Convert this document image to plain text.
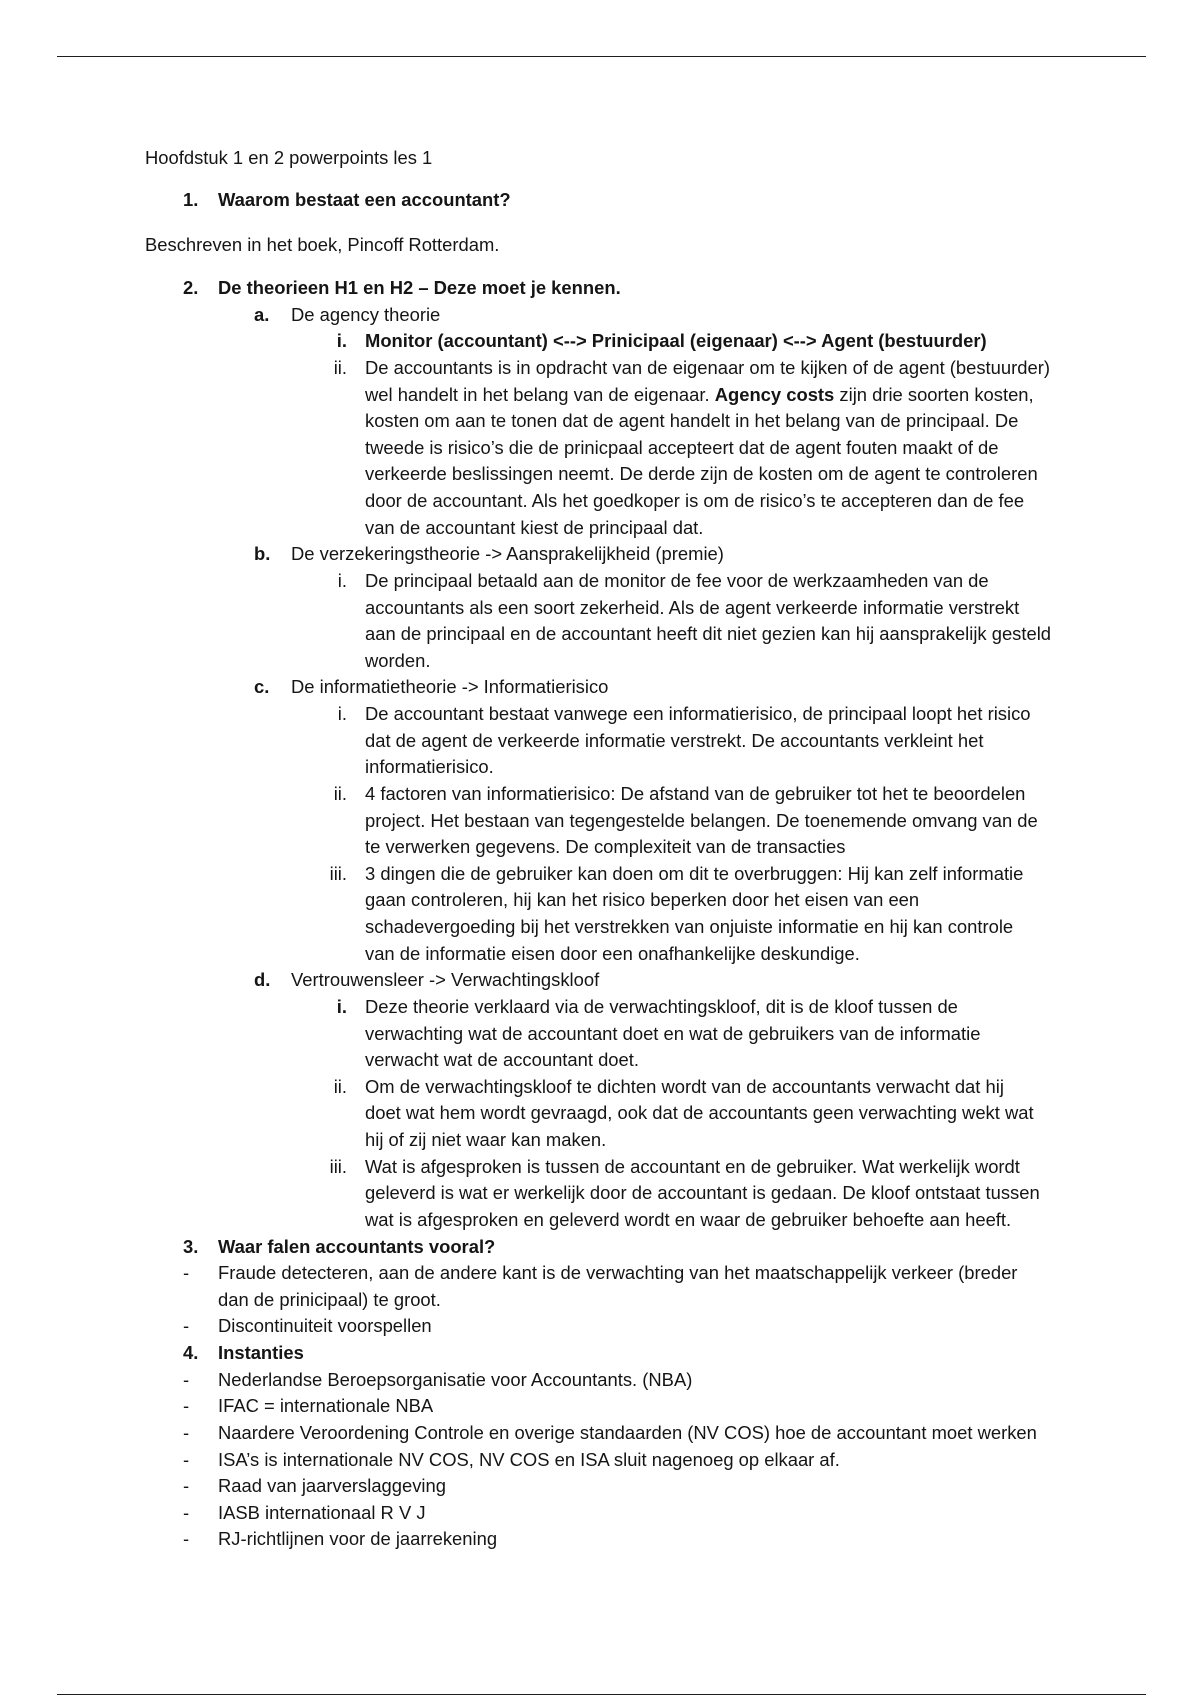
Hoofdstuk 1 en 2 powerpoints les 1
1. Waarom bestaat een accountant?
Beschreven in het boek, Pincoff Rotterdam.
2. De theorieen H1 en H2 – Deze moet je kennen.
a. De agency theorie
i. Monitor (accountant) <--> Prinicipaal (eigenaar) <--> Agent (bestuurder)
ii. De accountants is in opdracht van de eigenaar om te kijken of de agent (bestuurder)
wel handelt in het belang van de eigenaar. Agency costs zijn drie soorten kosten,
kosten om aan te tonen dat de agent handelt in het belang van de principaal. De
tweede is risico’s die de prinicpaal accepteert dat de agent fouten maakt of de
verkeerde beslissingen neemt. De derde zijn de kosten om de agent te controleren
door de accountant. Als het goedkoper is om de risico’s te accepteren dan de fee
van de accountant kiest de principaal dat.
b. De verzekeringstheorie -> Aansprakelijkheid (premie)
i. De principaal betaald aan de monitor de fee voor de werkzaamheden van de
accountants als een soort zekerheid. Als de agent verkeerde informatie verstrekt
aan de principaal en de accountant heeft dit niet gezien kan hij aansprakelijk gesteld
worden.
c. De informatietheorie -> Informatierisico
i. De accountant bestaat vanwege een informatierisico, de principaal loopt het risico
dat de agent de verkeerde informatie verstrekt. De accountants verkleint het
informatierisico.
ii. 4 factoren van informatierisico: De afstand van de gebruiker tot het te beoordelen
project. Het bestaan van tegengestelde belangen. De toenemende omvang van de
te verwerken gegevens. De complexiteit van de transacties
iii. 3 dingen die de gebruiker kan doen om dit te overbruggen: Hij kan zelf informatie
gaan controleren, hij kan het risico beperken door het eisen van een
schadevergoeding bij het verstrekken van onjuiste informatie en hij kan controle
van de informatie eisen door een onafhankelijke deskundige.
d. Vertrouwensleer -> Verwachtingskloof
i. Deze theorie verklaard via de verwachtingskloof, dit is de kloof tussen de
verwachting wat de accountant doet en wat de gebruikers van de informatie
verwacht wat de accountant doet.
ii. Om de verwachtingskloof te dichten wordt van de accountants verwacht dat hij
doet wat hem wordt gevraagd, ook dat de accountants geen verwachting wekt wat
hij of zij niet waar kan maken.
iii. Wat is afgesproken is tussen de accountant en de gebruiker. Wat werkelijk wordt
geleverd is wat er werkelijk door de accountant is gedaan. De kloof ontstaat tussen
wat is afgesproken en geleverd wordt en waar de gebruiker behoefte aan heeft.
3. Waar falen accountants vooral?
- Fraude detecteren, aan de andere kant is de verwachting van het maatschappelijk verkeer (breder
dan de prinicipaal) te groot.
- Discontinuiteit voorspellen
4. Instanties
- Nederlandse Beroepsorganisatie voor Accountants. (NBA)
- IFAC = internationale NBA
- Naardere Veroordening Controle en overige standaarden (NV COS) hoe de accountant moet werken
- ISA’s is internationale NV COS, NV COS en ISA sluit nagenoeg op elkaar af.
- Raad van jaarverslaggeving
- IASB internationaal R V J
- RJ-richtlijnen voor de jaarrekening
